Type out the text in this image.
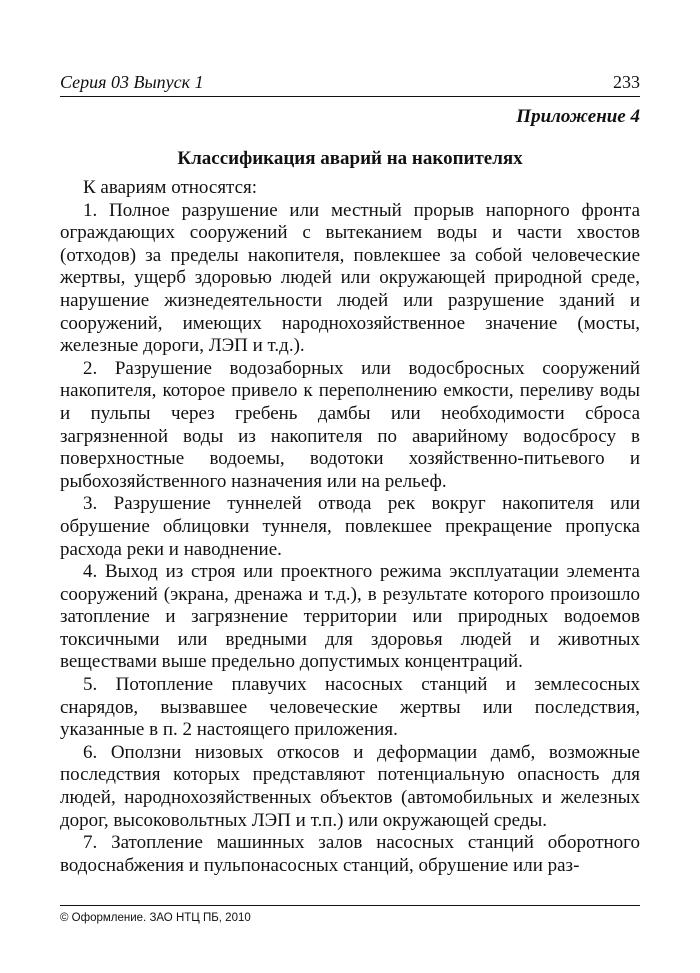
Серия 03 Выпуск 1	233
Приложение 4
Классификация аварий на накопителях

К авариям относятся:

1. Полное разрушение или местный прорыв напорного фронта ограждающих сооружений с вытеканием воды и части хвостов (отходов) за пределы накопителя, повлекшее за собой человеческие жертвы, ущерб здоровью людей или окружающей природной среде, нарушение жизнедеятельности людей или разрушение зданий и сооружений, имеющих народнохозяйственное значение (мосты, железные дороги, ЛЭП и т.д.).

2. Разрушение водозаборных или водосбросных сооружений накопителя, которое привело к переполнению емкости, переливу воды и пульпы через гребень дамбы или необходимости сброса загрязненной воды из накопителя по аварийному водосбросу в поверхностные водоемы, водотоки хозяйственно-питьевого и рыбохозяйственного назначения или на рельеф.

3. Разрушение туннелей отвода рек вокруг накопителя или обрушение облицовки туннеля, повлекшее прекращение пропуска расхода реки и наводнение.

4. Выход из строя или проектного режима эксплуатации элемента сооружений (экрана, дренажа и т.д.), в результате которого произошло затопление и загрязнение территории или природных водоемов токсичными или вредными для здоровья людей и животных веществами выше предельно допустимых концентраций.

5. Потопление плавучих насосных станций и землесосных снарядов, вызвавшее человеческие жертвы или последствия, указанные в п. 2 настоящего приложения.

6. Оползни низовых откосов и деформации дамб, возможные последствия которых представляют потенциальную опасность для людей, народнохозяйственных объектов (автомобильных и железных дорог, высоковольтных ЛЭП и т.п.) или окружающей среды.

7. Затопление машинных залов насосных станций оборотного водоснабжения и пульпонасосных станций, обрушение или раз-

© Оформление. ЗАО НТЦ ПБ, 2010
